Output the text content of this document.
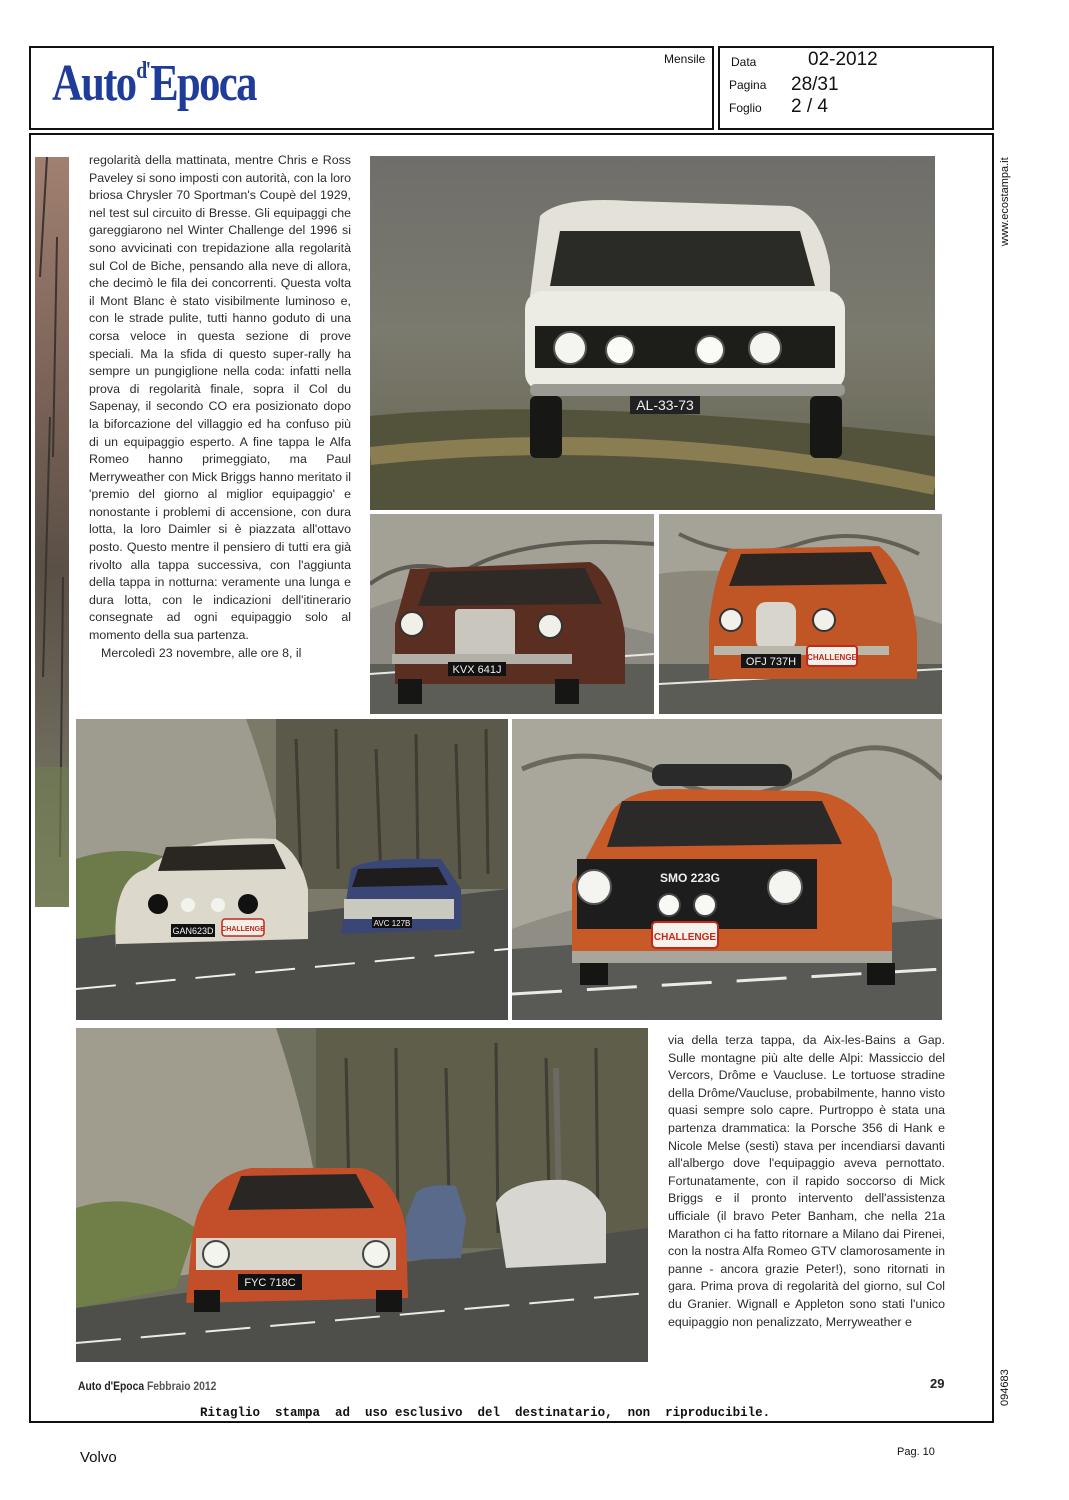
Auto$^{d'}$Epoca	Mensile Data	02-2012
Pagina 28/31
Foglio 2 / 4
www.ecostampa.it
094683

regolarità della mattinata, mentre Chris e Ross Paveley si sono imposti con autorità, con la loro briosa Chrysler 70 Sportman's Coupè del 1929, nel test sul circuito di Bresse. Gli equipaggi che gareggiarono nel Winter Challenge del 1996 si sono avvicinati con trepidazione alla regolarità sul Col de Biche, pensando alla neve di allora, che decimò le fila dei concorrenti. Questa volta il Mont Blanc è stato visibilmente luminoso e, con le strade pulite, tutti hanno goduto di una corsa veloce in questa sezione di prove speciali. Ma la sfida di questo super-rally ha sempre un pungiglione nella coda: infatti nella prova di regolarità finale, sopra il Col du Sapenay, il secondo CO era posizionato dopo la biforcazione del villaggio ed ha confuso più di un equipaggio esperto. A fine tappa le Alfa Romeo hanno primeggiato, ma Paul Merryweather con Mick Briggs hanno meritato il 'premio del giorno al miglior equipaggio' e nonostante i problemi di accensione, con dura lotta, la loro Daimler si è piazzata all'ottavo posto. Questo mentre il pensiero di tutti era già rivolto alla tappa successiva, con l'aggiunta della tappa in notturna: veramente una lunga e dura lotta, con le indicazioni dell'itinerario consegnate ad ogni equipaggio solo al momento della sua partenza.

Mercoledì 23 novembre, alle ore 8, il

AL-33-73
KVX 641J
OFJ 737H CHALLENGE
GAN623D CHALLENGE
AVC 127B
SMO 223G
CHALLENGE
FYC 718C

via della terza tappa, da Aix-les-Bains a Gap. Sulle montagne più alte delle Alpi: Massiccio del Vercors, Drôme e Vaucluse. Le tortuose stradine della Drôme/Vaucluse, probabilmente, hanno visto quasi sempre solo capre. Purtroppo è stata una partenza drammatica: la Porsche 356 di Hank e Nicole Melse (sesti) stava per incendiarsi davanti all'albergo dove l'equipaggio aveva pernottato. Fortunatamente, con il rapido soccorso di Mick Briggs e il pronto intervento dell'assistenza ufficiale (il bravo Peter Banham, che nella 21a Marathon ci ha fatto ritornare a Milano dai Pirenei, con la nostra Alfa Romeo GTV clamorosamente in panne - ancora grazie Peter!), sono ritornati in gara. Prima prova di regolarità del giorno, sul Col du Granier. Wignall e Appleton sono stati l'unico equipaggio non penalizzato, Merryweather e

Auto d'Epoca Febbraio 2012	29
Ritaglio  stampa  ad  uso esclusivo  del  destinatario,  non  riproducibile.
Volvo	Pag. 10
